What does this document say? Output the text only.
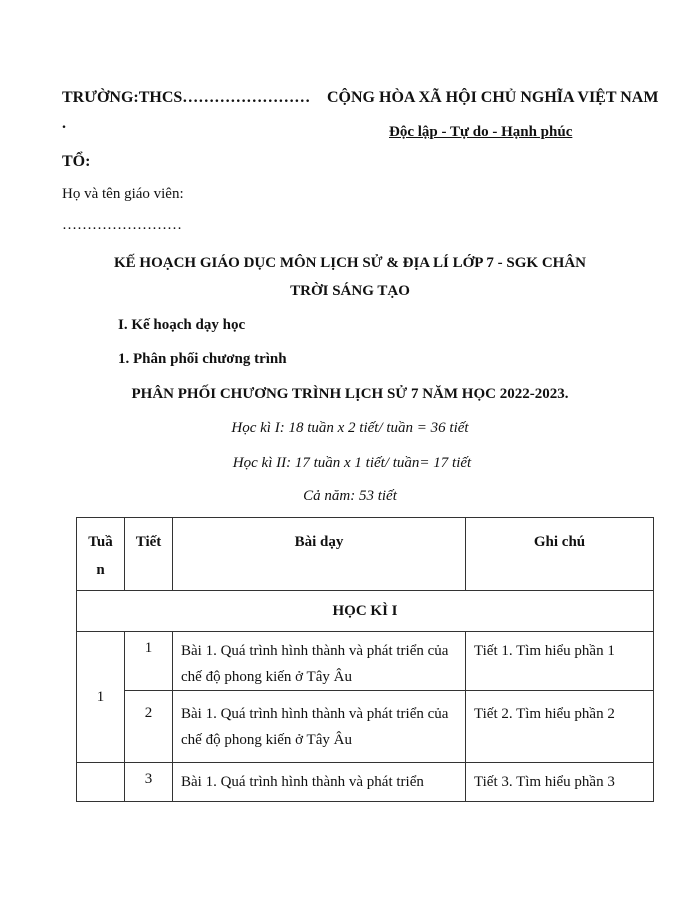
TRƯỜNG:THCS……………………
.
TỔ:
Họ và tên giáo viên:
……………………
CỘNG HÒA XÃ HỘI CHỦ NGHĨA VIỆT NAM
Độc lập - Tự do - Hạnh phúc
KẾ HOẠCH GIÁO DỤC MÔN LỊCH SỬ & ĐỊA LÍ LỚP 7 - SGK CHÂN
TRỜI SÁNG TẠO
I. Kế hoạch dạy học
1. Phân phối chương trình
PHÂN PHỐI CHƯƠNG TRÌNH LỊCH SỬ 7 NĂM HỌC 2022-2023.
Học kì I: 18 tuần x 2 tiết/ tuần = 36 tiết
Học kì II: 17 tuần x 1 tiết/ tuần= 17 tiết
Cả năm: 53 tiết
Tuần	Tiết	Bài dạy	Ghi chú
HỌC KÌ I			
1	1	Bài 1. Quá trình hình thành và phát triển của chế độ phong kiến ở Tây Âu	Tiết 1. Tìm hiểu phần 1
	2	Bài 1. Quá trình hình thành và phát triển của chế độ phong kiến ở Tây Âu	Tiết 2. Tìm hiểu phần 2
	3	Bài 1. Quá trình hình thành và phát triển	Tiết 3. Tìm hiểu phần 3
